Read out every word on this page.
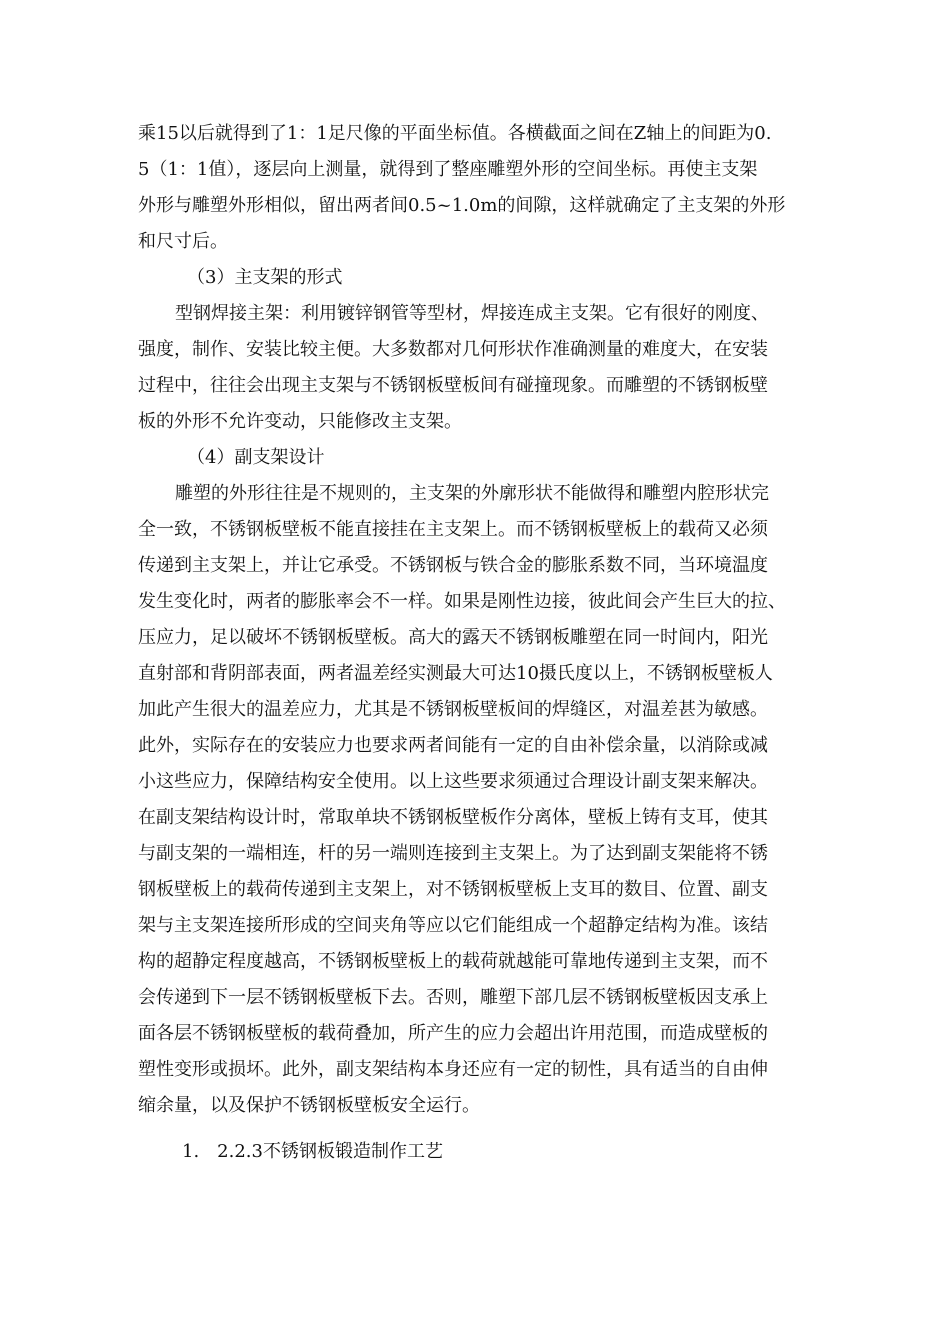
乘15以后就得到了1：1足尺像的平面坐标值。各横截面之间在Z轴上的间距为0.
5（1：1值），逐层向上测量，就得到了整座雕塑外形的空间坐标。再使主支架
外形与雕塑外形相似，留出两者间0.5~1.0m的间隙，这样就确定了主支架的外形
和尺寸后。
（3）主支架的形式
型钢焊接主架：利用镀锌钢管等型材，焊接连成主支架。它有很好的刚度、
强度，制作、安装比较主便。大多数都对几何形状作准确测量的难度大，在安装
过程中，往往会出现主支架与不锈钢板壁板间有碰撞现象。而雕塑的不锈钢板壁
板的外形不允许变动，只能修改主支架。
（4）副支架设计
雕塑的外形往往是不规则的，主支架的外廓形状不能做得和雕塑内腔形状完
全一致，不锈钢板壁板不能直接挂在主支架上。而不锈钢板壁板上的载荷又必须
传递到主支架上，并让它承受。不锈钢板与铁合金的膨胀系数不同，当环境温度
发生变化时，两者的膨胀率会不一样。如果是刚性边接，彼此间会产生巨大的拉、
压应力，足以破坏不锈钢板壁板。高大的露天不锈钢板雕塑在同一时间内，阳光
直射部和背阴部表面，两者温差经实测最大可达10摄氏度以上，不锈钢板壁板人
加此产生很大的温差应力，尤其是不锈钢板壁板间的焊缝区，对温差甚为敏感。
此外，实际存在的安装应力也要求两者间能有一定的自由补偿余量，以消除或减
小这些应力，保障结构安全使用。以上这些要求须通过合理设计副支架来解决。
在副支架结构设计时，常取单块不锈钢板壁板作分离体，壁板上铸有支耳，使其
与副支架的一端相连，杆的另一端则连接到主支架上。为了达到副支架能将不锈
钢板壁板上的载荷传递到主支架上，对不锈钢板壁板上支耳的数目、位置、副支
架与主支架连接所形成的空间夹角等应以它们能组成一个超静定结构为准。该结
构的超静定程度越高，不锈钢板壁板上的载荷就越能可靠地传递到主支架，而不
会传递到下一层不锈钢板壁板下去。否则，雕塑下部几层不锈钢板壁板因支承上
面各层不锈钢板壁板的载荷叠加，所产生的应力会超出许用范围，而造成壁板的
塑性变形或损坏。此外，副支架结构本身还应有一定的韧性，具有适当的自由伸
缩余量，以及保护不锈钢板壁板安全运行。
1.　2.2.3不锈钢板锻造制作工艺
